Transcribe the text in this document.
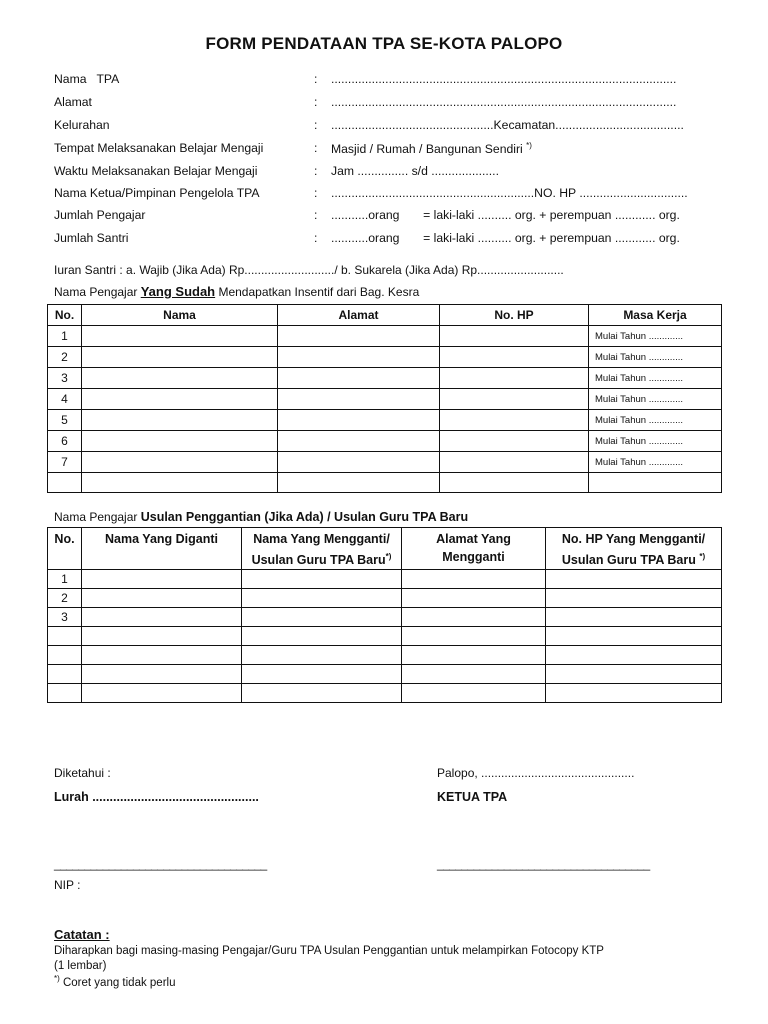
FORM PENDATAAN TPA SE-KOTA PALOPO
Nama   TPA	: ......................................................................................................
Alamat	: ......................................................................................................
Kelurahan	: ................................................Kecamatan......................................
Tempat Melaksanakan Belajar Mengaji	: Masjid / Rumah / Bangunan Sendiri *)
Waktu Melaksanakan Belajar Mengaji	: Jam ............... s/d ....................
Nama Ketua/Pimpinan Pengelola TPA	: ............................................................NO. HP ................................
Jumlah Pengajar	: ...........orang       = laki-laki .......... org. + perempuan ............ org.
Jumlah Santri	: ...........orang       = laki-laki .......... org. + perempuan ............ org.
Iuran Santri : a. Wajib (Jika Ada) Rp.........................../ b. Sukarela (Jika Ada) Rp..........................
Nama Pengajar Yang Sudah Mendapatkan Insentif dari Bag. Kesra
No.	Nama	Alamat	No. HP	Masa Kerja
1				Mulai Tahun .............
2				Mulai Tahun .............
3				Mulai Tahun .............
4				Mulai Tahun .............
5				Mulai Tahun .............
6				Mulai Tahun .............
7				Mulai Tahun .............

Nama Pengajar Usulan Penggantian (Jika Ada) / Usulan Guru TPA Baru
No.	Nama Yang Diganti	Nama Yang Mengganti/
Usulan Guru TPA Baru*)	Alamat Yang
Mengganti	No. HP Yang Mengganti/
Usulan Guru TPA Baru *)
1				
2				
3				

Diketahui :	Palopo, ..............................................
Lurah ................................................	KETUA TPA
___________________________________	___________________________________
NIP :
Catatan :
Diharapkan bagi masing-masing Pengajar/Guru TPA Usulan Penggantian untuk melampirkan Fotocopy KTP
(1 lembar)
*) Coret yang tidak perlu
